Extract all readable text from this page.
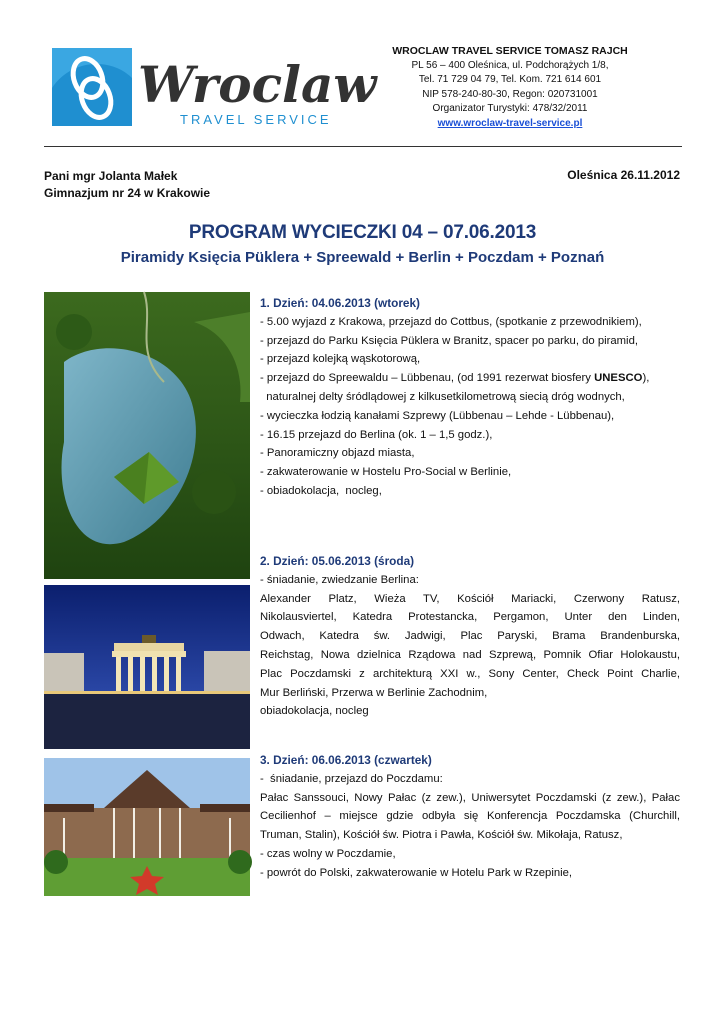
Wroclaw
TRAVEL SERVICE
WROCLAW TRAVEL SERVICE TOMASZ RAJCH
PL 56 – 400 Oleśnica, ul. Podchorążych 1/8,
Tel. 71 729 04 79, Tel. Kom. 721 614 601
NIP 578-240-80-30, Regon: 020731001
Organizator Turystyki: 478/32/2011
www.wroclaw-travel-service.pl
Pani mgr Jolanta Małek
Gimnazjum nr 24 w Krakowie
Oleśnica 26.11.2012
PROGRAM WYCIECZKI 04 – 07.06.2013
Piramidy Księcia Püklera + Spreewald + Berlin + Poczdam + Poznań
1. Dzień: 04.06.2013 (wtorek)
- 5.00 wyjazd z Krakowa, przejazd do Cottbus, (spotkanie z przewodnikiem),
- przejazd do Parku Księcia Püklera w Branitz, spacer po parku, do piramid,
- przejazd kolejką wąskotorową,
- przejazd do Spreewaldu – Lübbenau, (od 1991 rezerwat biosfery UNESCO),
naturalnej delty śródlądowej z kilkusetkilometrową siecią dróg wodnych,
- wycieczka łodzią kanałami Szprewy (Lübbenau – Lehde - Lübbenau),
- 16.15 przejazd do Berlina (ok. 1 – 1,5 godz.),
- Panoramiczny objazd miasta,
- zakwaterowanie w Hostelu Pro-Social w Berlinie,
- obiadokolacja,  nocleg,
2. Dzień: 05.06.2013 (środa)
- śniadanie, zwiedzanie Berlina:
Alexander Platz, Wieża TV, Kościół Mariacki, Czerwony Ratusz,
Nikolausviertel, Katedra Protestancka, Pergamon, Unter den Linden,
Odwach, Katedra św. Jadwigi, Plac Paryski, Brama Brandenburska,
Reichstag, Nowa dzielnica Rządowa nad Szprewą, Pomnik Ofiar Holokaustu,
Plac Poczdamski z architekturą XXI w., Sony Center, Check Point Charlie,
Mur Berliński, Przerwa w Berlinie Zachodnim,
obiadokolacja, nocleg
3. Dzień: 06.06.2013 (czwartek)
-  śniadanie, przejazd do Poczdamu:
Pałac Sanssouci, Nowy Pałac (z zew.), Uniwersytet Poczdamski (z zew.), Pałac
Cecilienhof – miejsce gdzie odbyła się Konferencja Poczdamska (Churchill,
Truman, Stalin), Kościół św. Piotra i Pawła, Kościół św. Mikołaja, Ratusz,
- czas wolny w Poczdamie,
- powrót do Polski, zakwaterowanie w Hotelu Park w Rzepinie,
